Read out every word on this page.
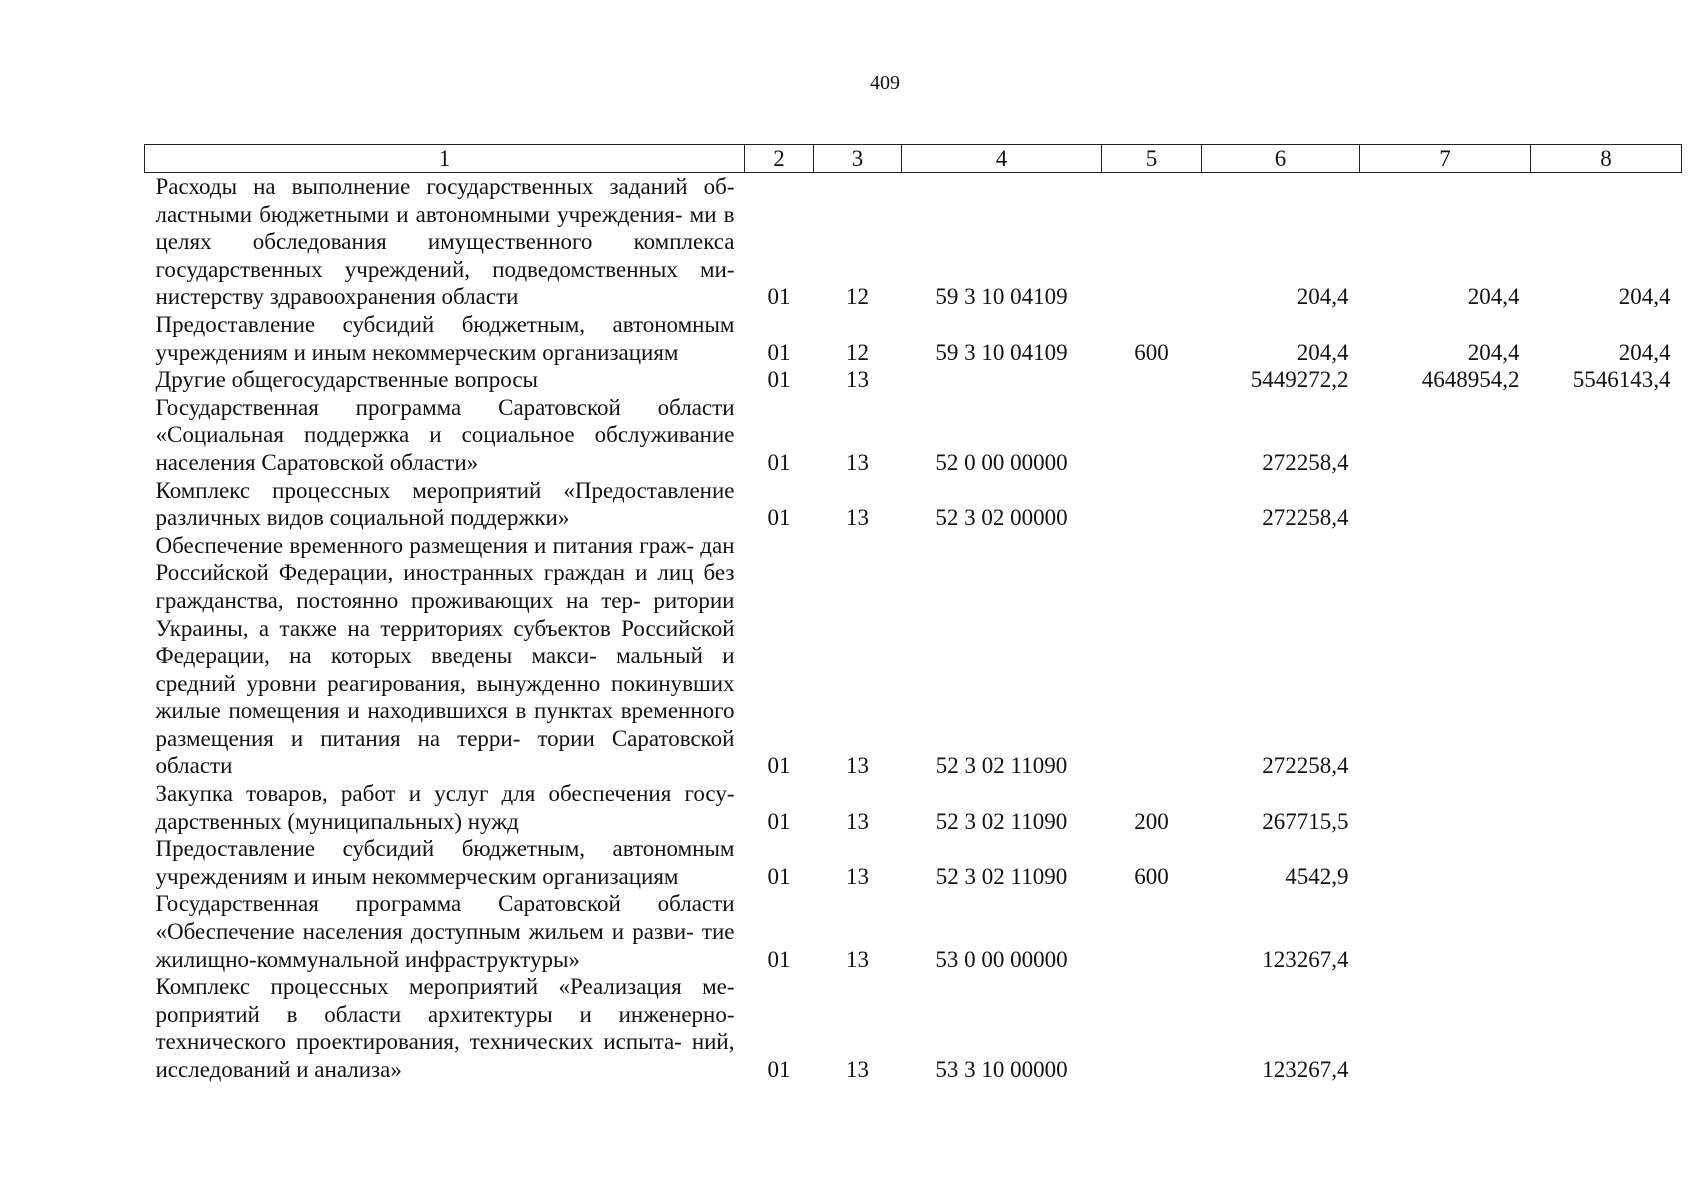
409
1	2	3	4	5	6	7	8
Расходы на выполнение государственных заданий об- ластными бюджетными и автономными учреждения- ми в целях обследования имущественного комплекса государственных учреждений, подведомственных ми- нистерству здравоохранения области	01	12	59 3 10 04109		204,4	204,4	204,4
Предоставление субсидий бюджетным, автономным учреждениям и иным некоммерческим организациям	01	12	59 3 10 04109	600	204,4	204,4	204,4
Другие общегосударственные вопросы	01	13			5449272,2	4648954,2	5546143,4
Государственная программа Саратовской области «Социальная поддержка и социальное обслуживание населения Саратовской области»	01	13	52 0 00 00000		272258,4		
Комплекс процессных мероприятий «Предоставление различных видов социальной поддержки»	01	13	52 3 02 00000		272258,4		
Обеспечение временного размещения и питания граж- дан Российской Федерации, иностранных граждан и лиц без гражданства, постоянно проживающих на тер- ритории Украины, а также на территориях субъектов Российской Федерации, на которых введены макси- мальный и средний уровни реагирования, вынужденно покинувших жилые помещения и находившихся в пунктах временного размещения и питания на терри- тории Саратовской области	01	13	52 3 02 11090		272258,4		
Закупка товаров, работ и услуг для обеспечения госу- дарственных (муниципальных) нужд	01	13	52 3 02 11090	200	267715,5		
Предоставление субсидий бюджетным, автономным учреждениям и иным некоммерческим организациям	01	13	52 3 02 11090	600	4542,9		
Государственная программа Саратовской области «Обеспечение населения доступным жильем и разви- тие жилищно-коммунальной инфраструктуры»	01	13	53 0 00 00000		123267,4		
Комплекс процессных мероприятий «Реализация ме- роприятий в области архитектуры и инженерно- технического проектирования, технических испыта- ний, исследований и анализа»	01	13	53 3 10 00000		123267,4		
